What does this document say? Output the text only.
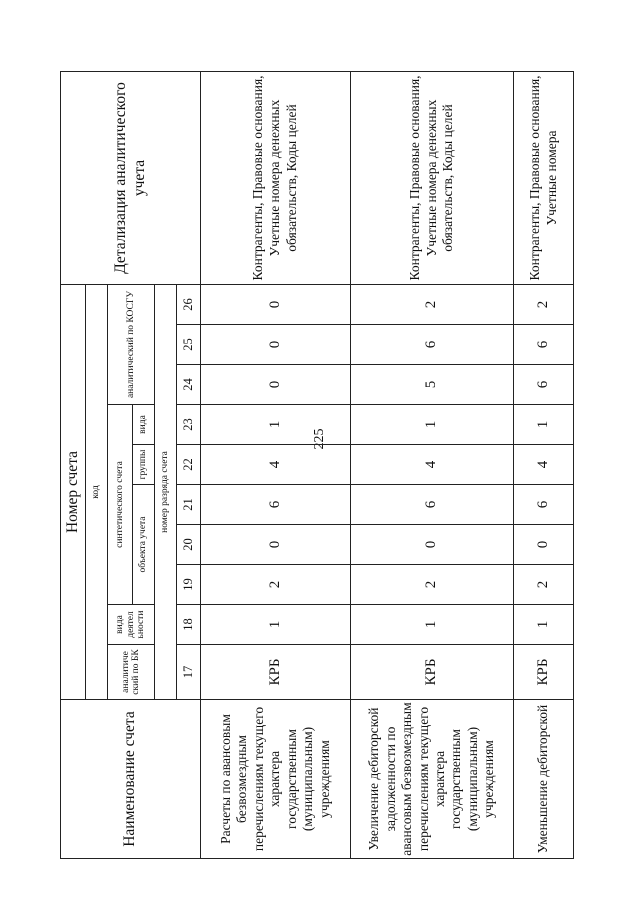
225
Наименование счета	Номер счета										Детализация аналитического учета
	код										
	аналитиче ский по БК	вида деятел ьности	синтетического счета					аналитический по КОСГУ			
			объекта учета			группы	вида				
	номер разряда счета										
	17	18	19	20	21	22	23	24	25	26	
Расчеты по авансовым безвозмездным перечислениям текущего характера государственным (муниципальным) учреждениям	КРБ	1	2	0	6	4	1	0	0	0	Контрагенты, Правовые основания, Учетные номера денежных обязательств, Коды целей
Увеличение дебиторской задолженности по авансовым безвозмездным перечислениям текущего характера государственным (муниципальным) учреждениям	КРБ	1	2	0	6	4	1	5	6	2	Контрагенты, Правовые основания, Учетные номера денежных обязательств, Коды целей
Уменьшение дебиторской	КРБ	1	2	0	6	4	1	6	6	2	Контрагенты, Правовые основания, Учетные номера
